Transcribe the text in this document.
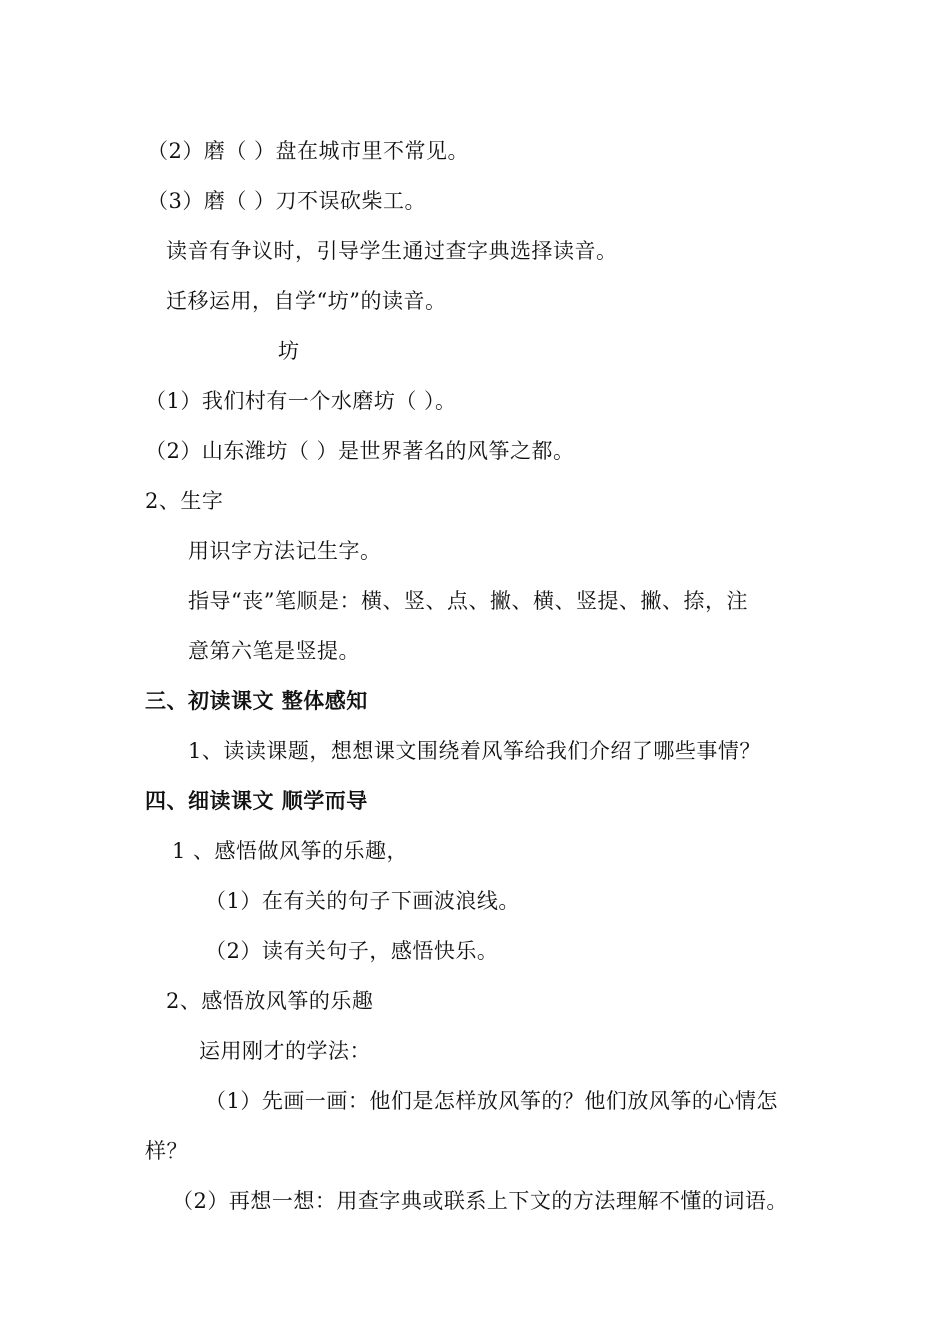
（2）磨（ ）盘在城市里不常见。
（3）磨（ ）刀不误砍柴工。
读音有争议时，引导学生通过查字典选择读音。
迁移运用，自学“坊”的读音。
坊
（1）我们村有一个水磨坊（ ）。
（2）山东潍坊（ ）是世界著名的风筝之都。
2、生字
用识字方法记生字。
指导“丧”笔顺是：横、竖、点、撇、横、竖提、撇、捺，注
意第六笔是竖提。
三、初读课文 整体感知
1、读读课题，想想课文围绕着风筝给我们介绍了哪些事情？
四、细读课文 顺学而导
1 、感悟做风筝的乐趣，
（1）在有关的句子下画波浪线。
（2）读有关句子，感悟快乐。
2、感悟放风筝的乐趣
运用刚才的学法：
（1）先画一画：他们是怎样放风筝的？他们放风筝的心情怎
样？
（2）再想一想：用查字典或联系上下文的方法理解不懂的词语。
